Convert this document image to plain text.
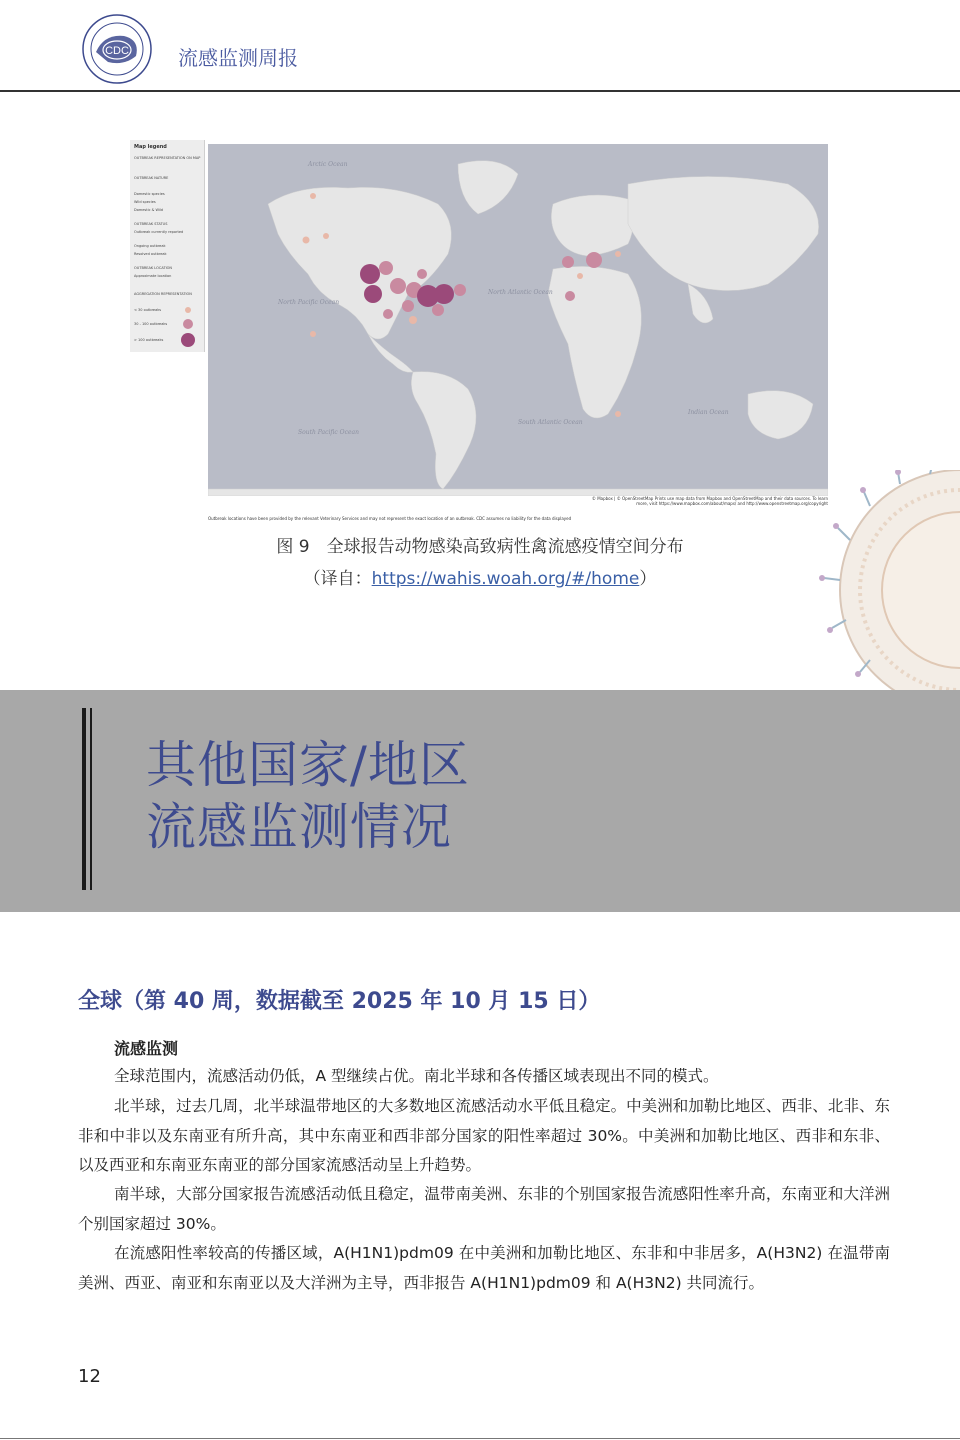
CDC 流感监测周报
Map legend
OUTBREAK REPRESENTATION ON MAP
OUTBREAK NATURE
Domestic species
Wild species
Domestic & Wild
OUTBREAK STATUS
Outbreak currently reported
Ongoing outbreak
Resolved outbreak
OUTBREAK LOCATION
Approximate location
AGGREGATION REPRESENTATION
< 30 outbreaks
30 - 100 outbreaks
> 100 outbreaks
Arctic Ocean
North Pacific Ocean
North Atlantic Ocean
South Atlantic Ocean
South Pacific Ocean
Indian Ocean
© Mapbox | © OpenStreetMap Prints use map data from Mapbox and OpenStreetMap and their data sources. To learn more, visit https://www.mapbox.com/about/maps/ and http://www.openstreetmap.org/copyright
Outbreak locations have been provided by the relevant Veterinary Services and may not represent the exact location of an outbreak. CDC assumes no liability for the data displayed
图 9　全球报告动物感染高致病性禽流感疫情空间分布
（译自：https://wahis.woah.org/#/home）
其他国家/地区
流感监测情况
全球（第 40 周，数据截至 2025 年 10 月 15 日）
流感监测
全球范围内，流感活动仍低，A 型继续占优。南北半球和各传播区域表现出不同的模式。
北半球，过去几周，北半球温带地区的大多数地区流感活动水平低且稳定。中美洲和加勒比地区、西非、北非、东非和中非以及东南亚有所升高，其中东南亚和西非部分国家的阳性率超过 30%。中美洲和加勒比地区、西非和东非、以及西亚和东南亚东南亚的部分国家流感活动呈上升趋势。
南半球，大部分国家报告流感活动低且稳定，温带南美洲、东非的个别国家报告流感阳性率升高，东南亚和大洋洲个别国家超过 30%。
在流感阳性率较高的传播区域，A(H1N1)pdm09 在中美洲和加勒比地区、东非和中非居多，A(H3N2) 在温带南美洲、西亚、南亚和东南亚以及大洋洲为主导，西非报告 A(H1N1)pdm09 和 A(H3N2) 共同流行。
12
